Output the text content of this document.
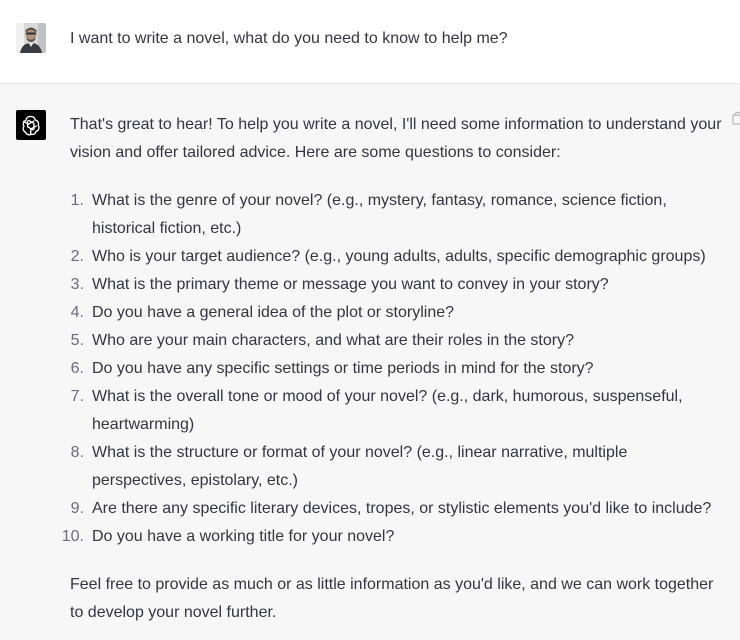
I want to write a novel, what do you need to know to help me?

That's great to hear! To help you write a novel, I'll need some information to understand your vision and offer tailored advice. Here are some questions to consider:

1. What is the genre of your novel? (e.g., mystery, fantasy, romance, science fiction, historical fiction, etc.)
2. Who is your target audience? (e.g., young adults, adults, specific demographic groups)
3. What is the primary theme or message you want to convey in your story?
4. Do you have a general idea of the plot or storyline?
5. Who are your main characters, and what are their roles in the story?
6. Do you have any specific settings or time periods in mind for the story?
7. What is the overall tone or mood of your novel? (e.g., dark, humorous, suspenseful, heartwarming)
8. What is the structure or format of your novel? (e.g., linear narrative, multiple perspectives, epistolary, etc.)
9. Are there any specific literary devices, tropes, or stylistic elements you'd like to include?
10. Do you have a working title for your novel?

Feel free to provide as much or as little information as you'd like, and we can work together to develop your novel further.
